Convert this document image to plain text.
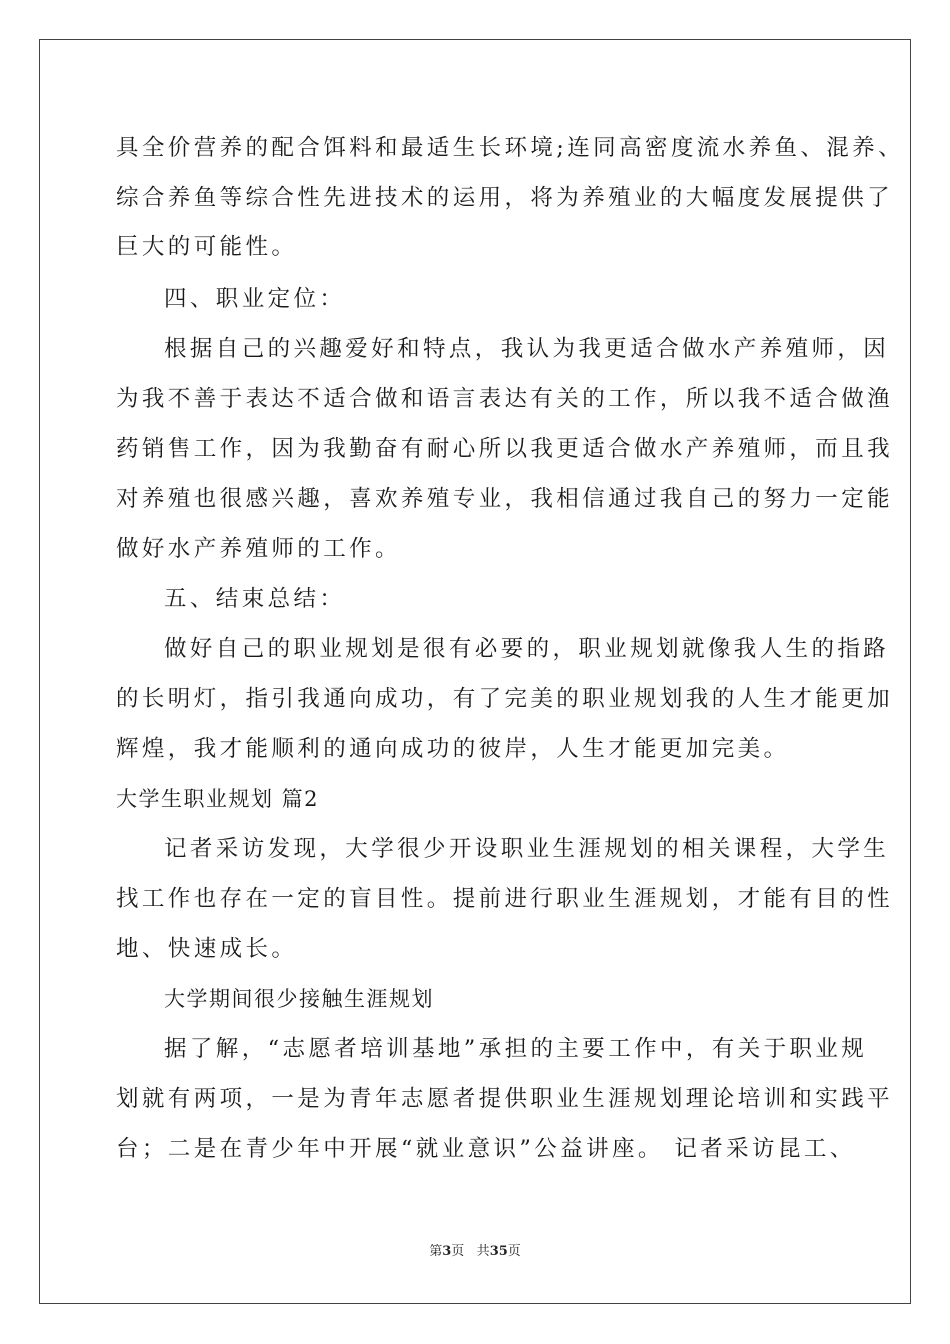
具全价营养的配合饵料和最适生长环境;连同高密度流水养鱼、混养、
综合养鱼等综合性先进技术的运用，将为养殖业的大幅度发展提供了
巨大的可能性。
四、职业定位：
根据自己的兴趣爱好和特点，我认为我更适合做水产养殖师，因
为我不善于表达不适合做和语言表达有关的工作，所以我不适合做渔
药销售工作，因为我勤奋有耐心所以我更适合做水产养殖师，而且我
对养殖也很感兴趣，喜欢养殖专业，我相信通过我自己的努力一定能
做好水产养殖师的工作。
五、结束总结：
做好自己的职业规划是很有必要的，职业规划就像我人生的指路
的长明灯，指引我通向成功，有了完美的职业规划我的人生才能更加
辉煌，我才能顺利的通向成功的彼岸，人生才能更加完美。
大学生职业规划 篇2
记者采访发现，大学很少开设职业生涯规划的相关课程，大学生
找工作也存在一定的盲目性。提前进行职业生涯规划，才能有目的性
地、快速成长。
大学期间很少接触生涯规划
据了解，“志愿者培训基地”承担的主要工作中，有关于职业规
划就有两项，一是为青年志愿者提供职业生涯规划理论培训和实践平
台；二是在青少年中开展“就业意识”公益讲座。 记者采访昆工、
第3页 共35页
